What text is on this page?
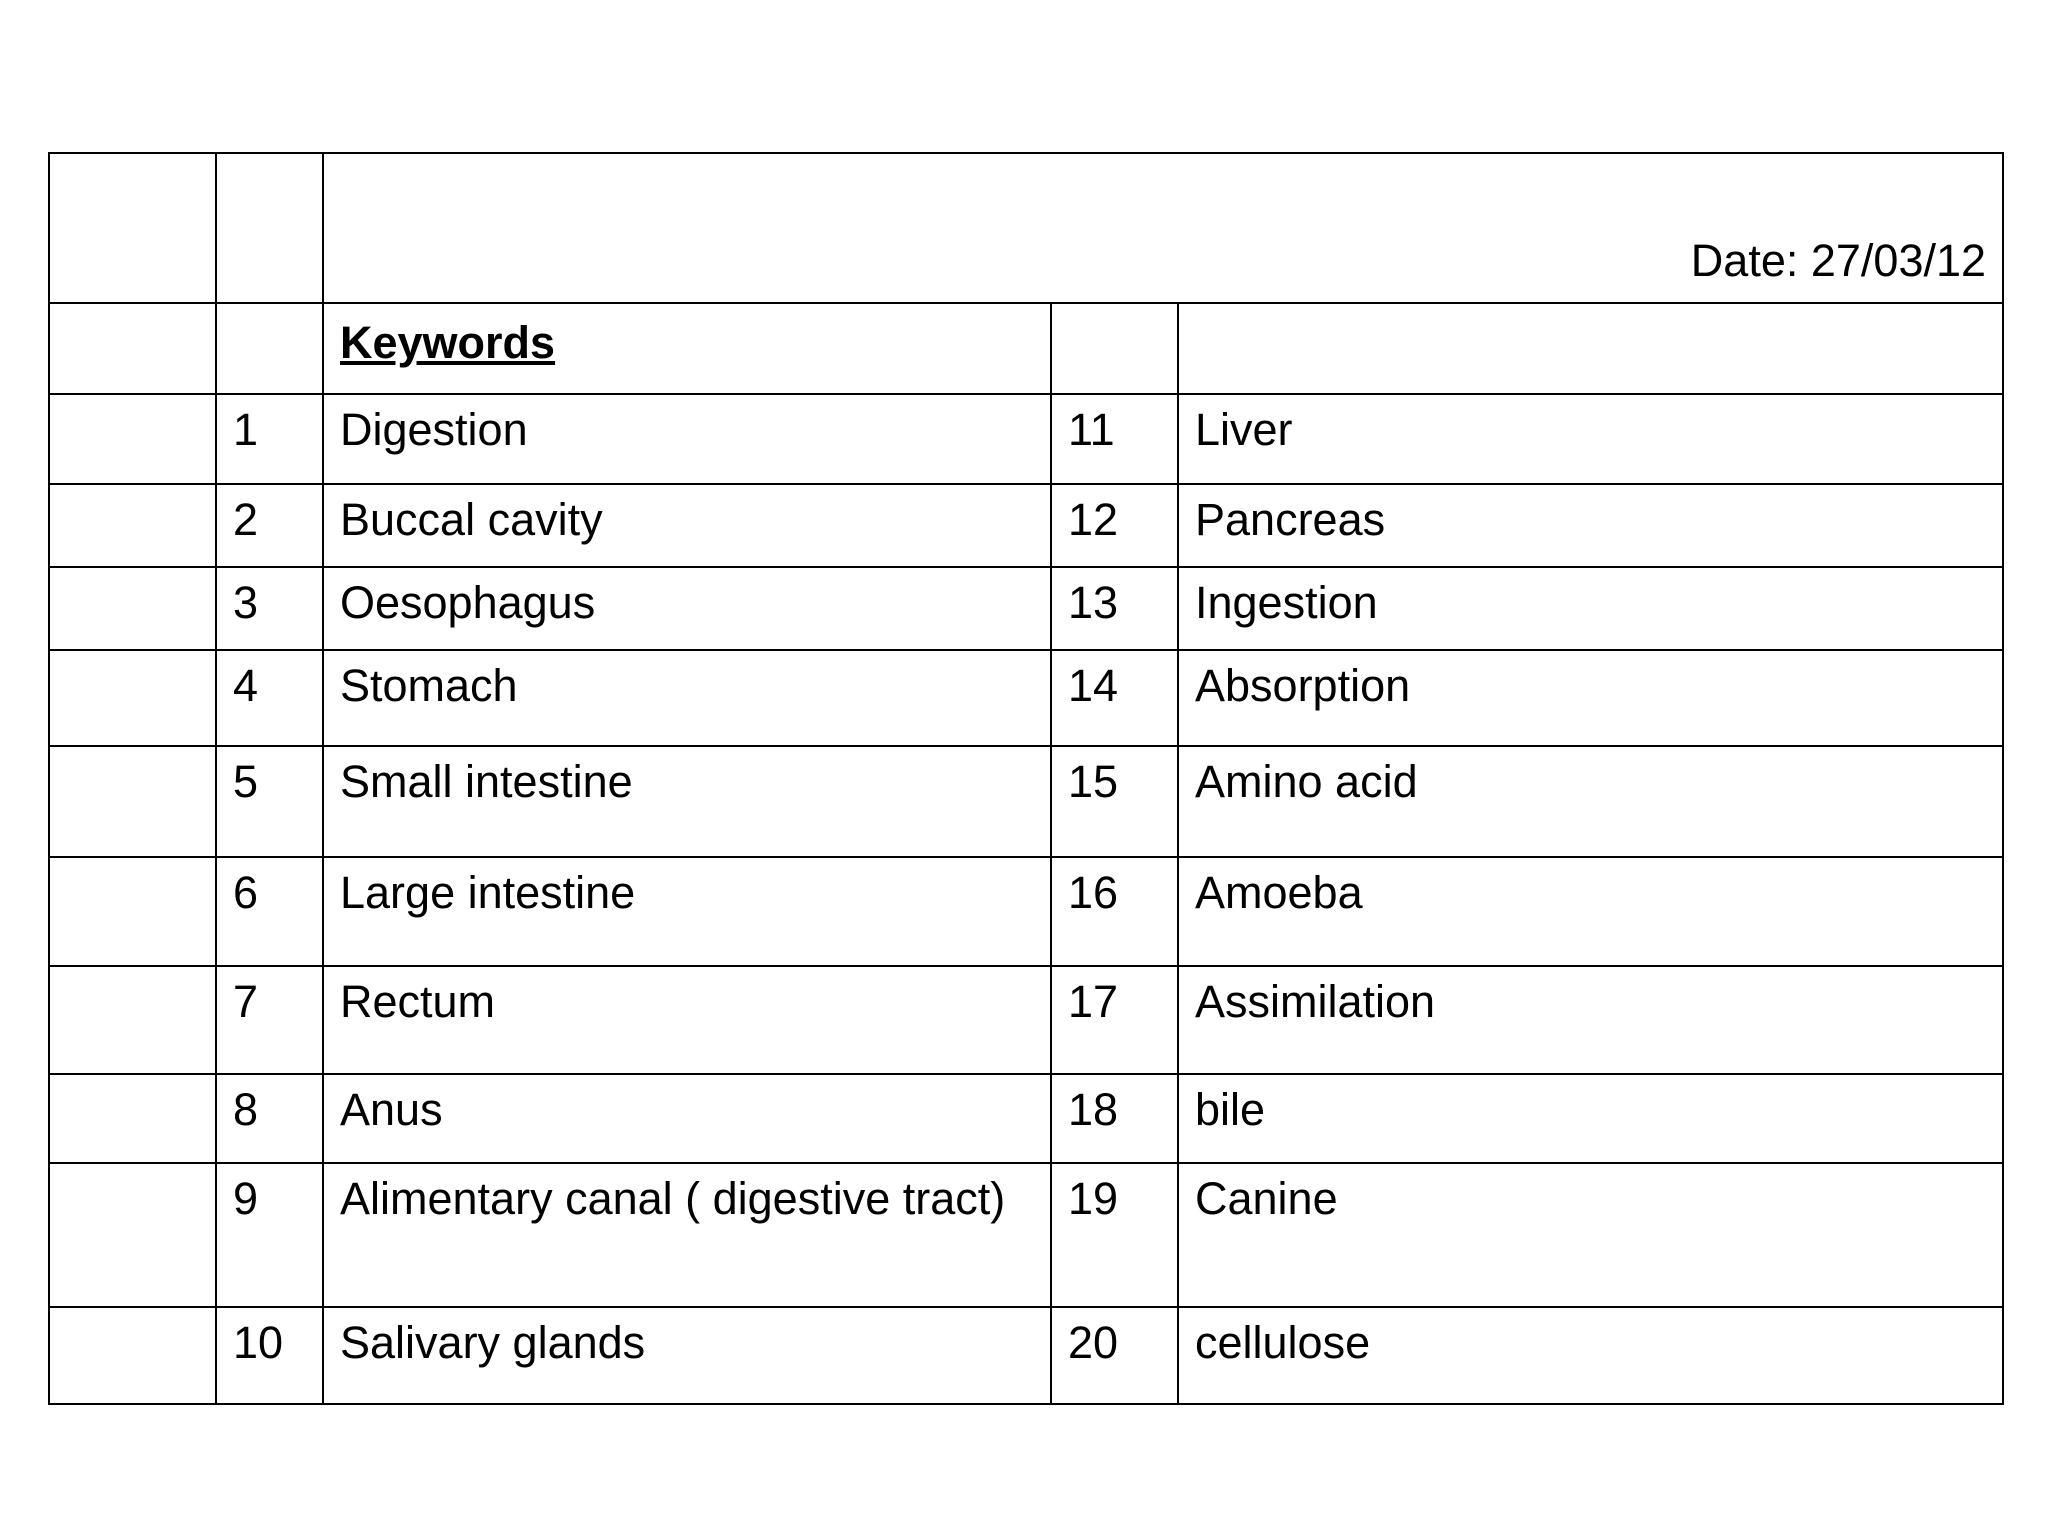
		Date: 27/03/12		
		Keywords		
	1	Digestion	11	Liver
	2	Buccal cavity	12	Pancreas
	3	Oesophagus	13	Ingestion
	4	Stomach	14	Absorption
	5	Small intestine	15	Amino acid
	6	Large intestine	16	Amoeba
	7	Rectum	17	Assimilation
	8	Anus	18	bile
	9	Alimentary canal ( digestive tract)	19	Canine
	10	Salivary glands	20	cellulose
